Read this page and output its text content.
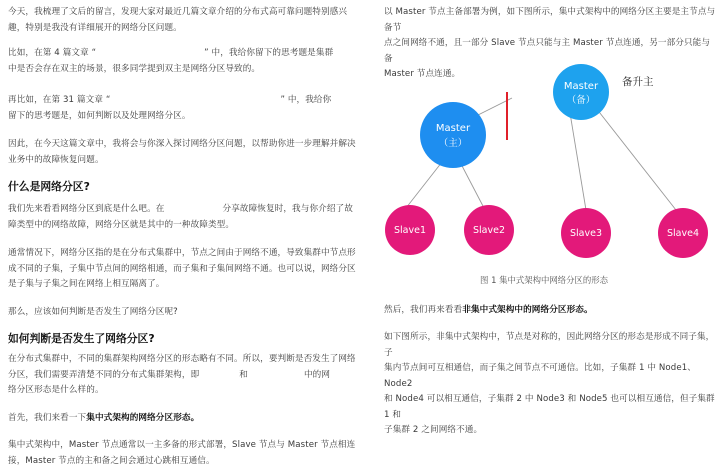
今天，我梳理了文后的留言，发现大家对最近几篇文章介绍的分布式高可靠问题特别感兴
趣，特别是我没有详细展开的网络分区问题。

比如，在第 4 篇文章 “	” 中，我给你留下的思考题是集群
中是否会存在双主的场景，很多同学提到双主是网络分区导致的。

再比如，在第 31 篇文章 “	” 中，我给你
留下的思考题是，如何判断以及处理网络分区。

因此，在今天这篇文章中，我将会与你深入探讨网络分区问题，以帮助你进一步理解并解决
业务中的故障恢复问题。

什么是网络分区?

我们先来看看网络分区到底是什么吧。在	分享故障恢复时，我与你介绍了故
障类型中的网络故障，网络分区就是其中的一种故障类型。

通常情况下，网络分区指的是在分布式集群中，节点之间由于网络不通，导致集群中节点形
成不同的子集，子集中节点间的网络相通，而子集和子集间网络不通。也可以说，网络分区
是子集与子集之间在网络上相互隔离了。

那么，应该如何判断是否发生了网络分区呢?

如何判断是否发生了网络分区?

在分布式集群中，不同的集群架构网络分区的形态略有不同。所以，要判断是否发生了网络
分区，我们需要弄清楚不同的分布式集群架构，即	和	中的网
络分区形态是什么样的。

首先，我们来看一下集中式架构的网络分区形态。

集中式架构中，Master 节点通常以一主多备的形式部署，Slave 节点与 Master 节点相连
接，Master 节点的主和备之间会通过心跳相互通信。

以 Master 节点主备部署为例，如下图所示，集中式架构中的网络分区主要是主节点与备节
点之间网络不通，且一部分 Slave 节点只能与主 Master 节点连通，另一部分只能与备
Master 节点连通。

Master
（主）
Master
（备）
备升主
Slave1	Slave2	Slave3	Slave4
图 1 集中式架构中网络分区的形态

然后，我们再来看看非集中式架构中的网络分区形态。

如下图所示，非集中式架构中，节点是对称的，因此网络分区的形态是形成不同子集，子
集内节点间可互相通信，而子集之间节点不可通信。比如，子集群 1 中 Node1、Node2
和 Node4 可以相互通信，子集群 2 中 Node3 和 Node5 也可以相互通信，但子集群 1 和
子集群 2 之间网络不通。
